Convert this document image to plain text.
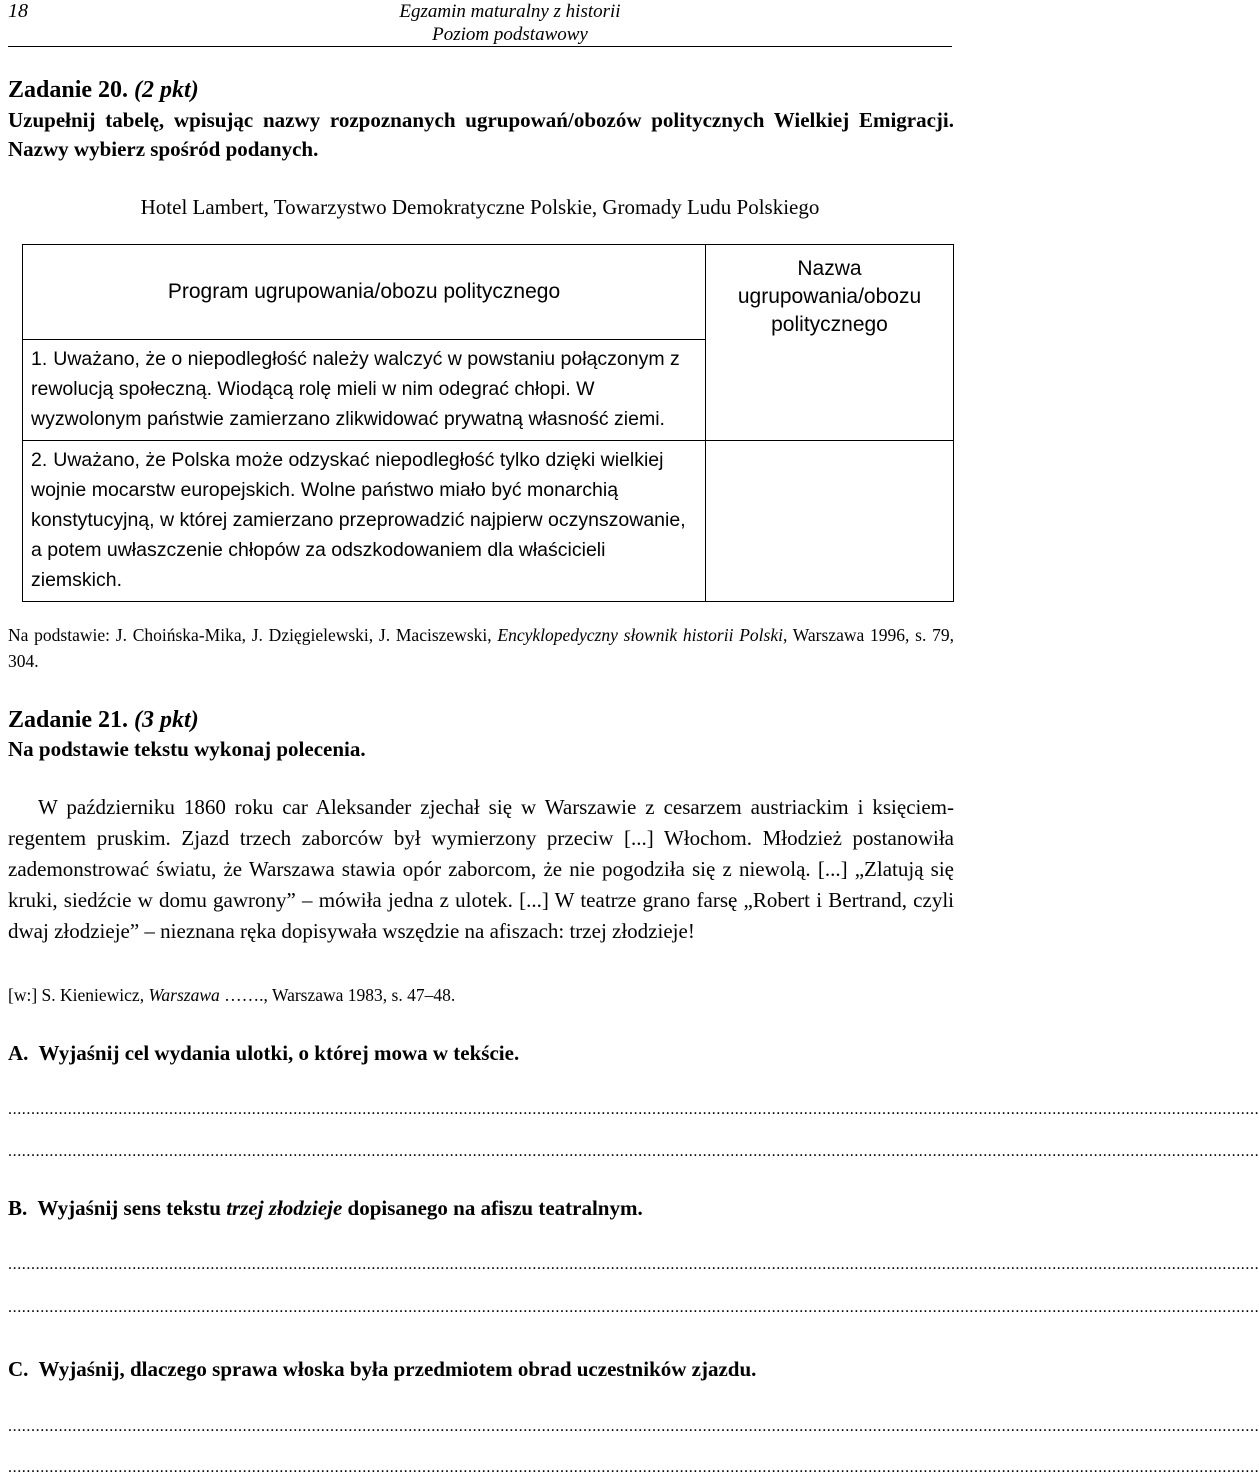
18	Egzamin maturalny z historii
Poziom podstawowy
Zadanie 20. (2 pkt)
Uzupełnij tabelę, wpisując nazwy rozpoznanych ugrupowań/obozów politycznych Wielkiej Emigracji. Nazwy wybierz spośród podanych.
Hotel Lambert, Towarzystwo Demokratyczne Polskie, Gromady Ludu Polskiego
Program ugrupowania/obozu politycznego	Nazwa ugrupowania/obozu politycznego
1. Uważano, że o niepodległość należy walczyć w powstaniu połączonym z rewolucją społeczną. Wiodącą rolę mieli w nim odegrać chłopi. W wyzwolonym państwie zamierzano zlikwidować prywatną własność ziemi.	
2. Uważano, że Polska może odzyskać niepodległość tylko dzięki wielkiej wojnie mocarstw europejskich. Wolne państwo miało być monarchią konstytucyjną, w której zamierzano przeprowadzić najpierw oczynszowanie, a potem uwłaszczenie chłopów za odszkodowaniem dla właścicieli ziemskich.	
Na podstawie: J. Choińska-Mika, J. Dzięgielewski, J. Maciszewski, Encyklopedyczny słownik historii Polski, Warszawa 1996, s. 79, 304.
Zadanie 21. (3 pkt)
Na podstawie tekstu wykonaj polecenia.
W październiku 1860 roku car Aleksander zjechał się w Warszawie z cesarzem austriackim i księciem-regentem pruskim. Zjazd trzech zaborców był wymierzony przeciw [...] Włochom. Młodzież postanowiła zademonstrować światu, że Warszawa stawia opór zaborcom, że nie pogodziła się z niewolą. [...] „Zlatują się kruki, siedźcie w domu gawrony” – mówiła jedna z ulotek. [...] W teatrze grano farsę „Robert i Bertrand, czyli dwaj złodzieje” – nieznana ręka dopisywała wszędzie na afiszach: trzej złodzieje!
[w:] S. Kieniewicz, Warszawa ……., Warszawa 1983, s. 47–48.
A. Wyjaśnij cel wydania ulotki, o której mowa w tekście.
................................................................................................................................................................................................................................................................................
................................................................................................................................................................................................................................................................................
B. Wyjaśnij sens tekstu trzej złodzieje dopisanego na afiszu teatralnym.
................................................................................................................................................................................................................................................................................
................................................................................................................................................................................................................................................................................
C. Wyjaśnij, dlaczego sprawa włoska była przedmiotem obrad uczestników zjazdu.
................................................................................................................................................................................................................................................................................
................................................................................................................................................................................................................................................................................
